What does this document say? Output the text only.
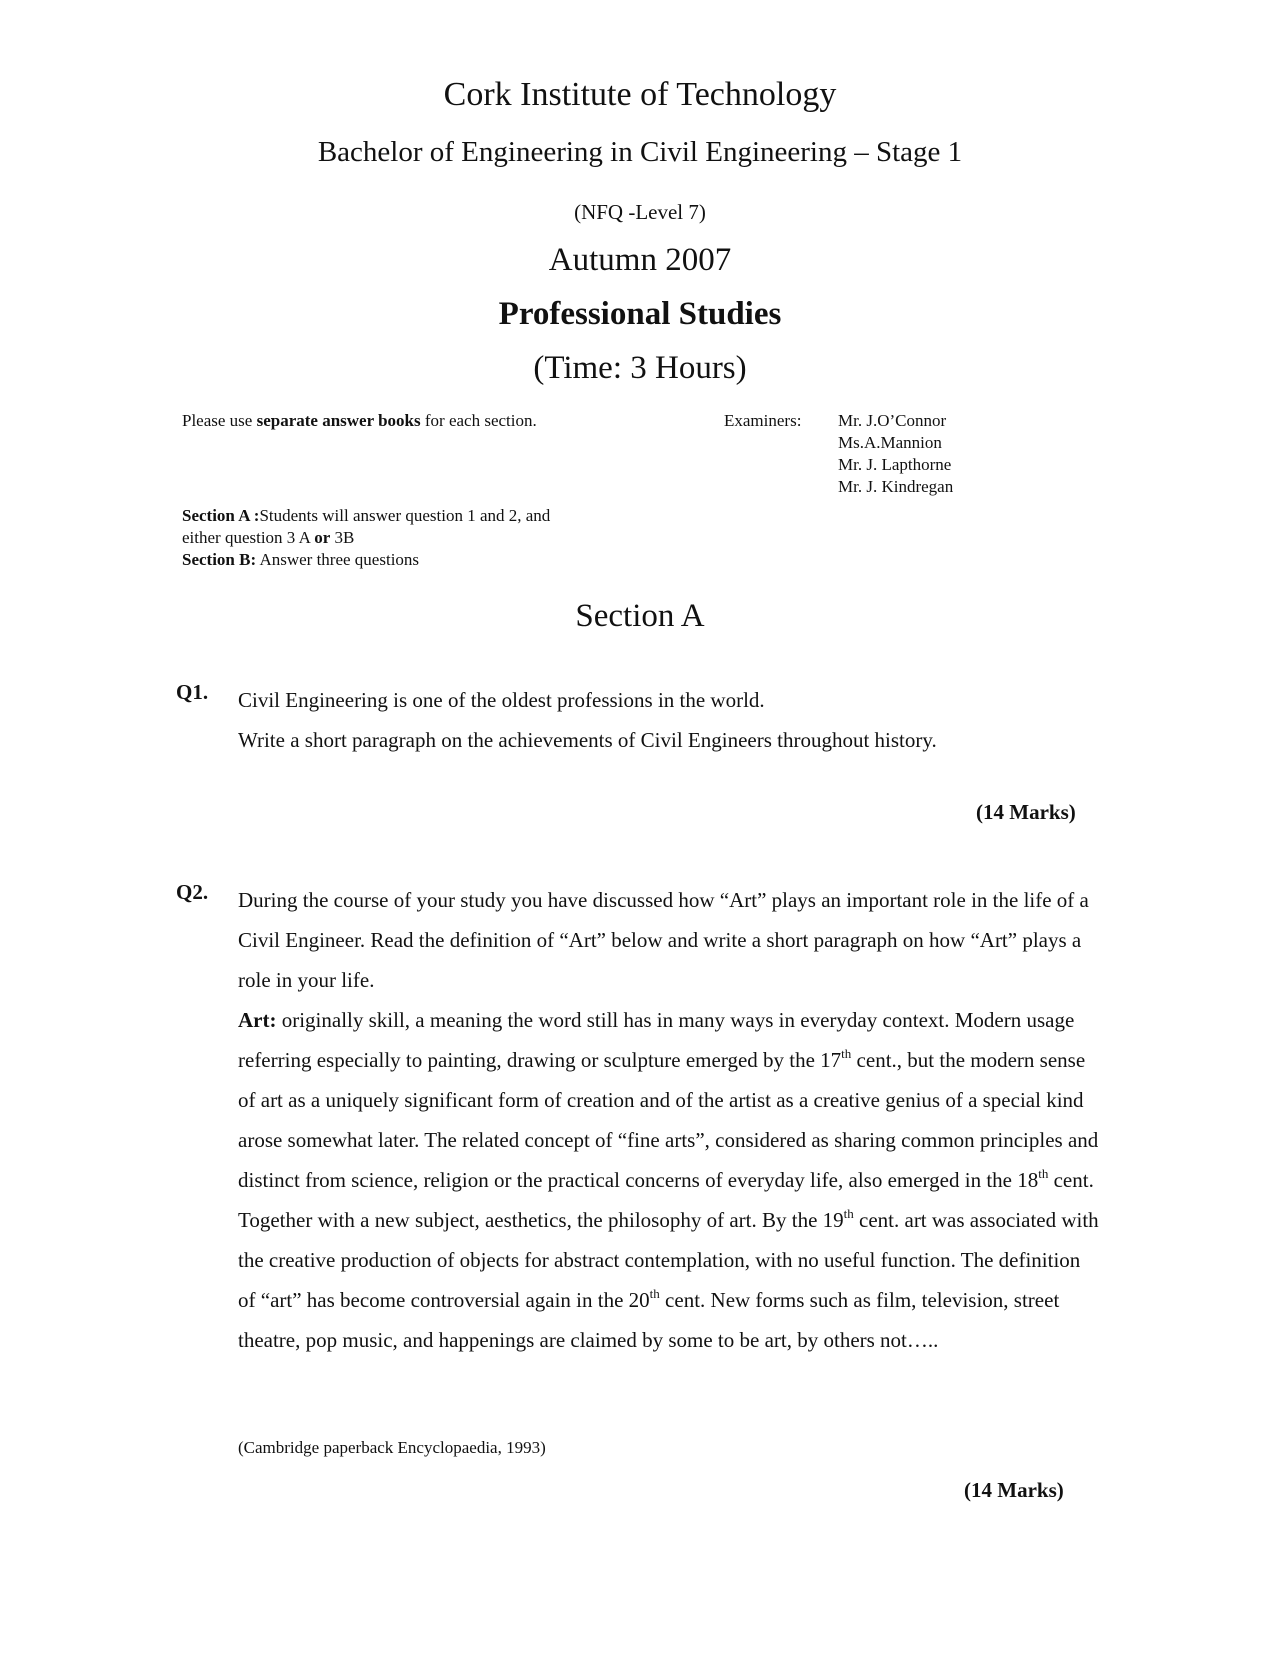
Cork Institute of Technology
Bachelor of Engineering in Civil Engineering – Stage 1
(NFQ -Level 7)
Autumn 2007
Professional Studies
(Time: 3 Hours)
Please use separate answer books for each section.	Examiners: Mr. J.O’Connor
Ms.A.Mannion
Mr. J. Lapthorne
Mr. J. Kindregan
Section A :Students will answer question 1 and 2, and either question 3 A or 3B
Section B: Answer three questions
Section A
Q1. Civil Engineering is one of the oldest professions in the world.
Write a short paragraph on the achievements of Civil Engineers throughout history.
(14 Marks)
Q2. During the course of your study you have discussed how “Art” plays an important role in the life of a Civil Engineer. Read the definition of “Art” below and write a short paragraph on how “Art” plays a role in your life.

Art: originally skill, a meaning the word still has in many ways in everyday context. Modern usage referring especially to painting, drawing or sculpture emerged by the 17th cent., but the modern sense of art as a uniquely significant form of creation and of the artist as a creative genius of a special kind arose somewhat later. The related concept of “fine arts”, considered as sharing common principles and distinct from science, religion or the practical concerns of everyday life, also emerged in the 18th cent. Together with a new subject, aesthetics, the philosophy of art. By the 19th cent. art was associated with the creative production of objects for abstract contemplation, with no useful function. The definition of “art” has become controversial again in the 20th cent. New forms such as film, television, street theatre, pop music, and happenings are claimed by some to be art, by others not…..

(Cambridge paperback Encyclopaedia, 1993)
(14 Marks)
